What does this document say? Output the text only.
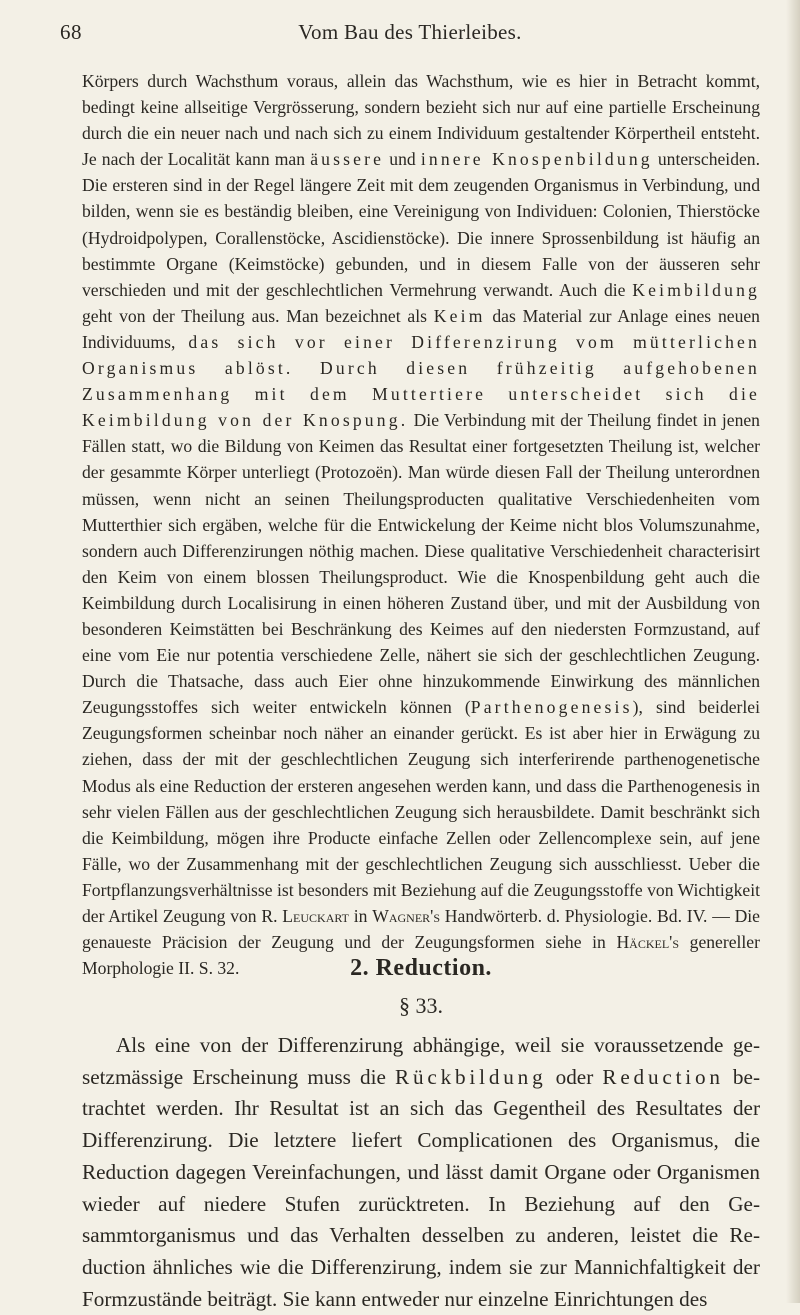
68	Vom Bau des Thierleibes.

Körpers durch Wachsthum voraus, allein das Wachsthum, wie es hier in Betracht kommt, bedingt keine allseitige Vergrösserung, sondern bezieht sich nur auf eine partielle Erscheinung durch die ein neuer nach und nach sich zu einem Individuum gestaltender Körpertheil entsteht. Je nach der Localität kann man äussere und innere Knospenbildung unterscheiden. Die ersteren sind in der Regel längere Zeit mit dem zeugenden Organismus in Verbindung, und bilden, wenn sie es beständig bleiben, eine Vereinigung von Individuen: Colonien, Thierstöcke (Hydroidpolypen, Corallenstöcke, Ascidienstöcke). Die innere Sprossenbildung ist häufig an bestimmte Organe (Keimstöcke) gebunden, und in diesem Falle von der äusseren sehr verschieden und mit der geschlechtlichen Vermehrung verwandt. Auch die Keimbildung geht von der Theilung aus. Man bezeichnet als Keim das Material zur Anlage eines neuen Individuums, das sich vor einer Differenzirung vom mütterlichen Organismus ablöst. Durch diesen frühzeitig aufgehobenen Zusammenhang mit dem Muttertiere unterscheidet sich die Keimbildung von der Knospung. Die Verbindung mit der Theilung findet in jenen Fällen statt, wo die Bildung von Keimen das Resultat einer fortgesetzten Theilung ist, welcher der gesammte Körper unterliegt (Protozoën). Man würde diesen Fall der Theilung unterordnen müssen, wenn nicht an seinen Theilungsproducten qualitative Verschiedenheiten vom Mutterthier sich ergäben, welche für die Entwickelung der Keime nicht blos Volumszunahme, sondern auch Differenzirungen nöthig machen. Diese qualitative Verschiedenheit characterisirt den Keim von einem blossen Theilungsproduct. Wie die Knospenbildung geht auch die Keimbildung durch Localisirung in einen höheren Zustand über, und mit der Ausbildung von besonderen Keimstätten bei Beschränkung des Keimes auf den niedersten Formzustand, auf eine vom Eie nur potentia verschiedene Zelle, nähert sie sich der geschlechtlichen Zeugung. Durch die Thatsache, dass auch Eier ohne hinzukommende Einwirkung des männlichen Zeugungsstoffes sich weiter entwickeln können (Parthenogenesis), sind beiderlei Zeugungsformen scheinbar noch näher an einander gerückt. Es ist aber hier in Erwägung zu ziehen, dass der mit der geschlechtlichen Zeugung sich interferirende parthenogenetische Modus als eine Reduction der ersteren angesehen werden kann, und dass die Parthenogenesis in sehr vielen Fällen aus der geschlechtlichen Zeugung sich herausbildete. Damit beschränkt sich die Keimbildung, mögen ihre Producte einfache Zellen oder Zellencomplexe sein, auf jene Fälle, wo der Zusammenhang mit der geschlechtlichen Zeugung sich ausschliesst. Ueber die Fortpflanzungsverhältnisse ist besonders mit Beziehung auf die Zeugungsstoffe von Wichtigkeit der Artikel Zeugung von R. Leuckart in Wagner's Handwörterb. d. Physiologie. Bd. IV. — Die genaueste Präcision der Zeugung und der Zeugungsformen siehe in Häckel's genereller Morphologie II. S. 32.	2. Reduction.
§ 33.

Als eine von der Differenzirung abhängige, weil sie voraussetzende gesetzmässige Erscheinung muss die Rückbildung oder Reduction betrachtet werden. Ihr Resultat ist an sich das Gegentheil des Resultates der Differenzirung. Die letztere liefert Complicationen des Organismus, die Reduction dagegen Vereinfachungen, und lässt damit Organe oder Organismen wieder auf niedere Stufen zurücktreten. In Beziehung auf den Gesammtorganismus und das Verhalten desselben zu anderen, leistet die Reduction ähnliches wie die Differenzirung, indem sie zur Mannichfaltigkeit der Formzustände beiträgt. Sie kann entweder nur einzelne Einrichtungen des
